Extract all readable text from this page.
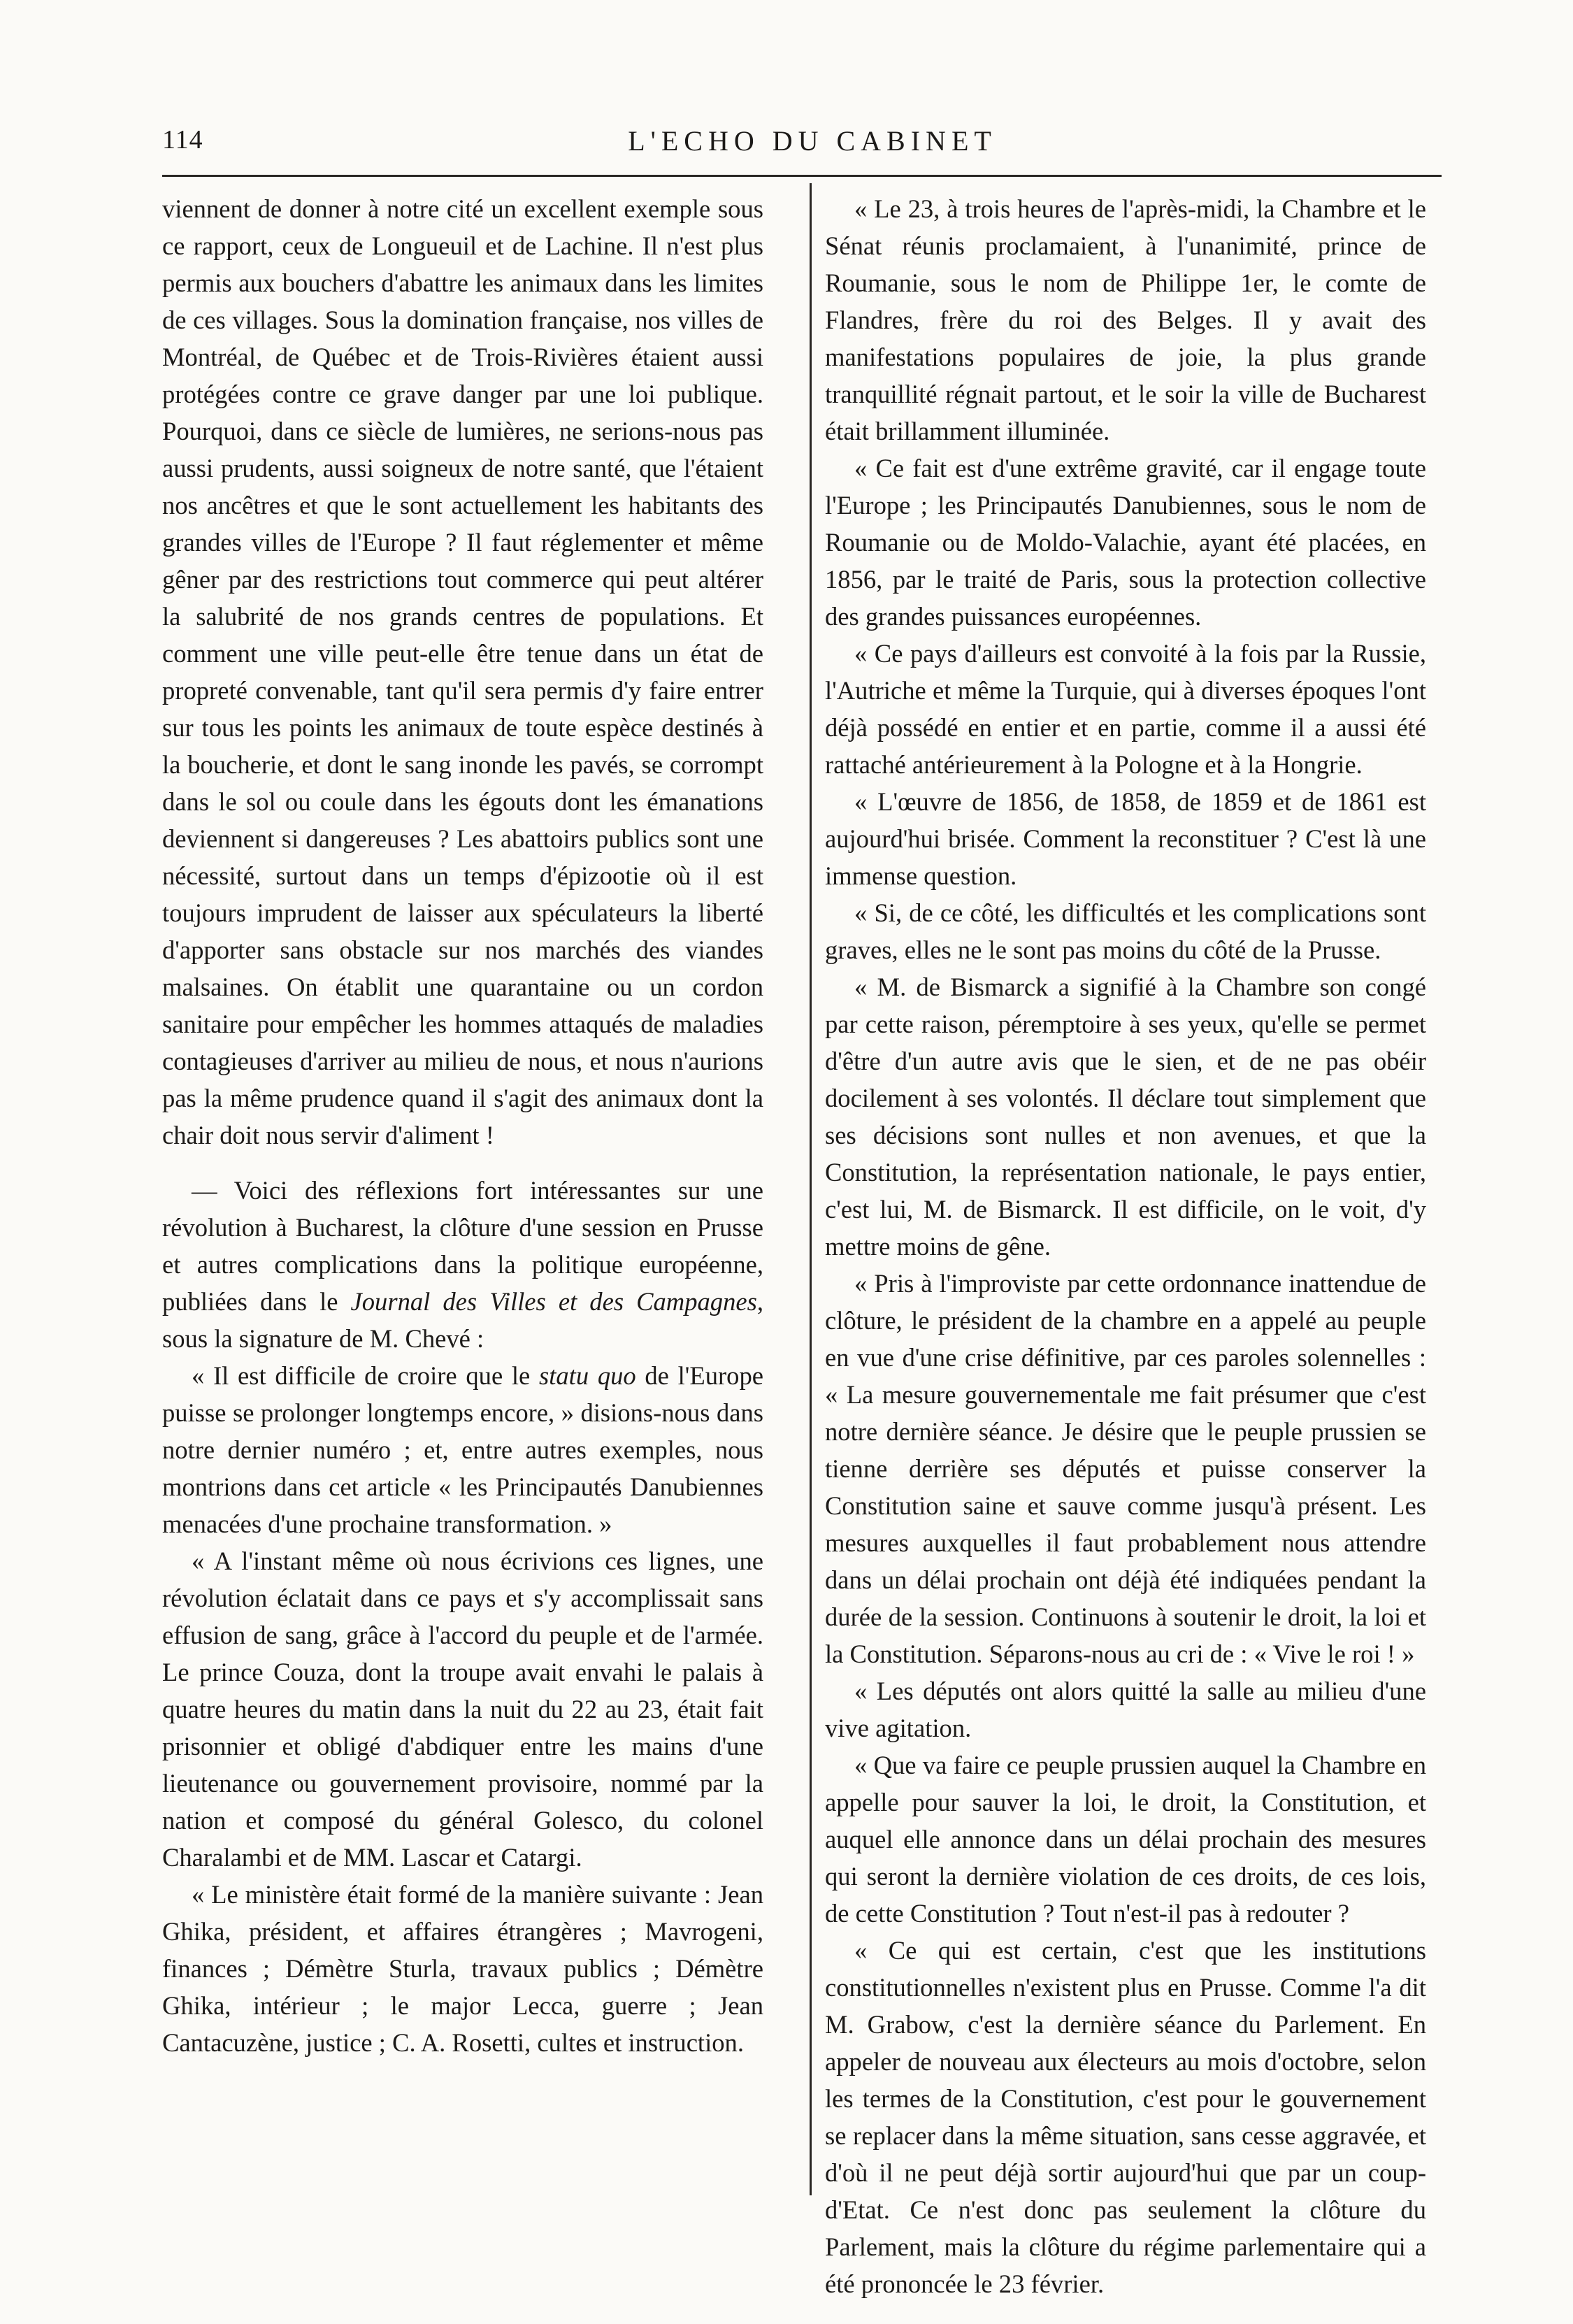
114	L'ECHO DU CABINET

viennent de donner à notre cité un excellent exemple sous ce rapport, ceux de Longueuil et de Lachine. Il n'est plus permis aux bouchers d'abattre les animaux dans les limites de ces villages. Sous la domination française, nos villes de Montréal, de Québec et de Trois-Rivières étaient aussi protégées contre ce grave danger par une loi publique. Pourquoi, dans ce siècle de lumières, ne serions-nous pas aussi prudents, aussi soigneux de notre santé, que l'étaient nos ancêtres et que le sont actuellement les habitants des grandes villes de l'Europe ? Il faut réglementer et même gêner par des restrictions tout commerce qui peut altérer la salubrité de nos grands centres de populations. Et comment une ville peut-elle être tenue dans un état de propreté convenable, tant qu'il sera permis d'y faire entrer sur tous les points les animaux de toute espèce destinés à la boucherie, et dont le sang inonde les pavés, se corrompt dans le sol ou coule dans les égouts dont les émanations deviennent si dangereuses ? Les abattoirs publics sont une nécessité, surtout dans un temps d'épizootie où il est toujours imprudent de laisser aux spéculateurs la liberté d'apporter sans obstacle sur nos marchés des viandes malsaines. On établit une quarantaine ou un cordon sanitaire pour empêcher les hommes attaqués de maladies contagieuses d'arriver au milieu de nous, et nous n'aurions pas la même prudence quand il s'agit des animaux dont la chair doit nous servir d'aliment !

— Voici des réflexions fort intéressantes sur une révolution à Bucharest, la clôture d'une session en Prusse et autres complications dans la politique européenne, publiées dans le Journal des Villes et des Campagnes, sous la signature de M. Chevé :

« Il est difficile de croire que le statu quo de l'Europe puisse se prolonger longtemps encore, » disions-nous dans notre dernier numéro ; et, entre autres exemples, nous montrions dans cet article « les Principautés Danubiennes menacées d'une prochaine transformation. »

« A l'instant même où nous écrivions ces lignes, une révolution éclatait dans ce pays et s'y accomplissait sans effusion de sang, grâce à l'accord du peuple et de l'armée. Le prince Couza, dont la troupe avait envahi le palais à quatre heures du matin dans la nuit du 22 au 23, était fait prisonnier et obligé d'abdiquer entre les mains d'une lieutenance ou gouvernement provisoire, nommé par la nation et composé du général Golesco, du colonel Charalambi et de MM. Lascar et Catargi.

« Le ministère était formé de la manière suivante : Jean Ghika, président, et affaires étrangères ; Mavrogeni, finances ; Démètre Sturla, travaux publics ; Démètre Ghika, intérieur ; le major Lecca, guerre ; Jean Cantacuzène, justice ; C. A. Rosetti, cultes et instruction.

« Le 23, à trois heures de l'après-midi, la Chambre et le Sénat réunis proclamaient, à l'unanimité, prince de Roumanie, sous le nom de Philippe 1er, le comte de Flandres, frère du roi des Belges. Il y avait des manifestations populaires de joie, la plus grande tranquillité régnait partout, et le soir la ville de Bucharest était brillamment illuminée.

« Ce fait est d'une extrême gravité, car il engage toute l'Europe ; les Principautés Danubiennes, sous le nom de Roumanie ou de Moldo-Valachie, ayant été placées, en 1856, par le traité de Paris, sous la protection collective des grandes puissances européennes.

« Ce pays d'ailleurs est convoité à la fois par la Russie, l'Autriche et même la Turquie, qui à diverses époques l'ont déjà possédé en entier et en partie, comme il a aussi été rattaché antérieurement à la Pologne et à la Hongrie.

« L'œuvre de 1856, de 1858, de 1859 et de 1861 est aujourd'hui brisée. Comment la reconstituer ? C'est là une immense question.

« Si, de ce côté, les difficultés et les complications sont graves, elles ne le sont pas moins du côté de la Prusse.

« M. de Bismarck a signifié à la Chambre son congé par cette raison, péremptoire à ses yeux, qu'elle se permet d'être d'un autre avis que le sien, et de ne pas obéir docilement à ses volontés. Il déclare tout simplement que ses décisions sont nulles et non avenues, et que la Constitution, la représentation nationale, le pays entier, c'est lui, M. de Bismarck. Il est difficile, on le voit, d'y mettre moins de gêne.

« Pris à l'improviste par cette ordonnance inattendue de clôture, le président de la chambre en a appelé au peuple en vue d'une crise définitive, par ces paroles solennelles : « La mesure gouvernementale me fait présumer que c'est notre dernière séance. Je désire que le peuple prussien se tienne derrière ses députés et puisse conserver la Constitution saine et sauve comme jusqu'à présent. Les mesures auxquelles il faut probablement nous attendre dans un délai prochain ont déjà été indiquées pendant la durée de la session. Continuons à soutenir le droit, la loi et la Constitution. Séparons-nous au cri de : « Vive le roi ! »

« Les députés ont alors quitté la salle au milieu d'une vive agitation.

« Que va faire ce peuple prussien auquel la Chambre en appelle pour sauver la loi, le droit, la Constitution, et auquel elle annonce dans un délai prochain des mesures qui seront la dernière violation de ces droits, de ces lois, de cette Constitution ? Tout n'est-il pas à redouter ?

« Ce qui est certain, c'est que les institutions constitutionnelles n'existent plus en Prusse. Comme l'a dit M. Grabow, c'est la dernière séance du Parlement. En appeler de nouveau aux électeurs au mois d'octobre, selon les termes de la Constitution, c'est pour le gouvernement se replacer dans la même situation, sans cesse aggravée, et d'où il ne peut déjà sortir aujourd'hui que par un coup-d'Etat. Ce n'est donc pas seulement la clôture du Parlement, mais la clôture du régime parlementaire qui a été prononcée le 23 février.
